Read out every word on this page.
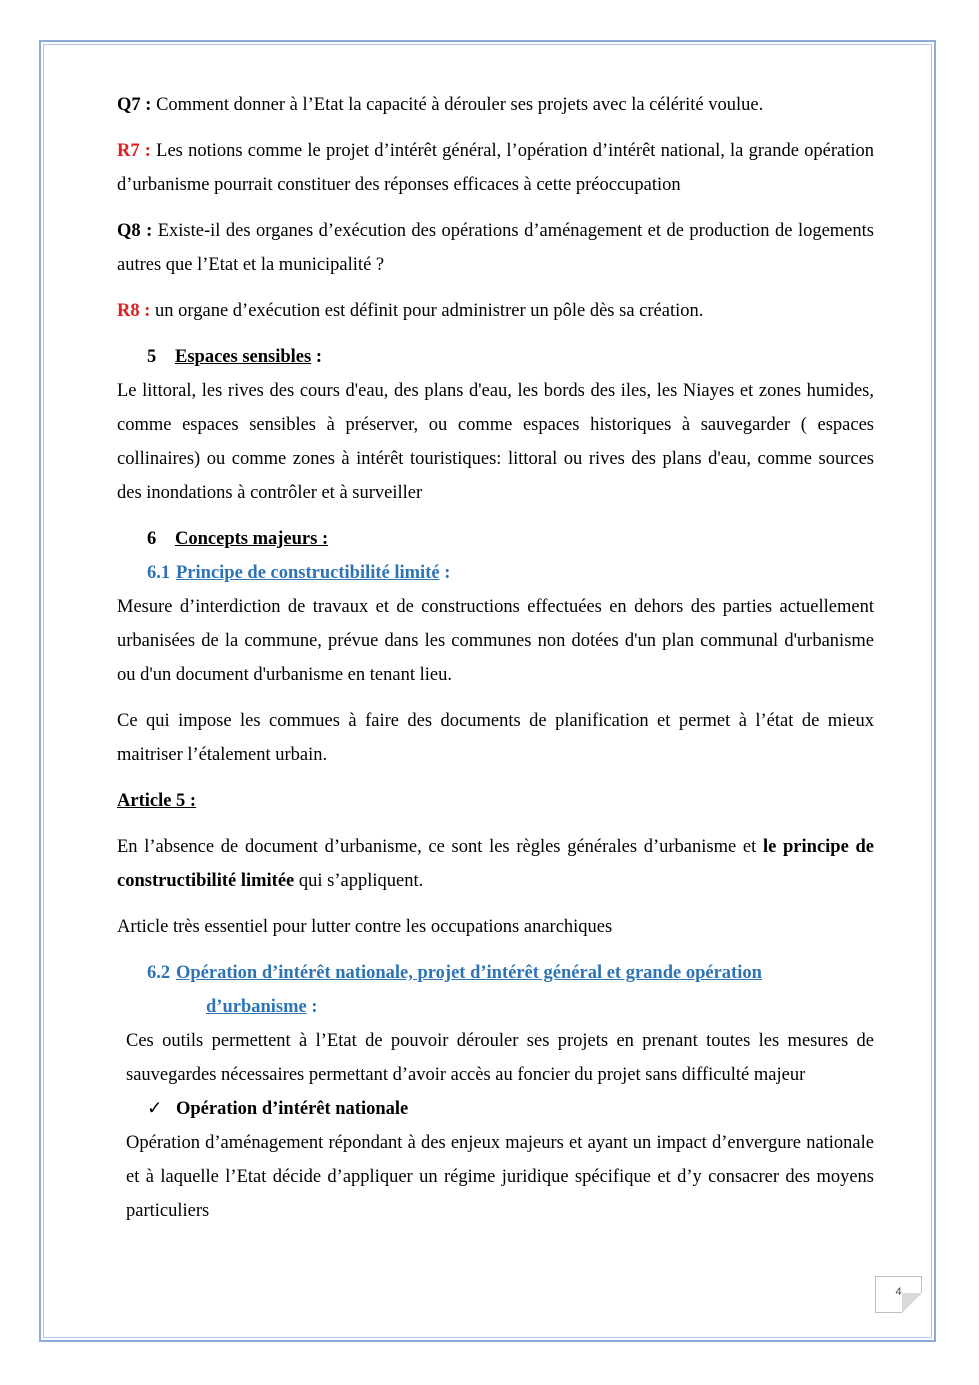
Q7 : Comment donner à l’Etat la capacité à dérouler ses projets avec la célérité voulue.

R7 : Les notions comme le projet d’intérêt général, l’opération d’intérêt national, la grande opération d’urbanisme pourrait constituer des réponses efficaces à cette préoccupation

Q8 : Existe-il des organes d’exécution des opérations d’aménagement et de production de logements autres que l’Etat et la municipalité ?

R8 : un organe d’exécution est définit pour administrer un pôle dès sa création.

5 Espaces sensibles :

Le littoral, les rives des cours d'eau, des plans d'eau, les bords des iles, les Niayes et zones humides, comme espaces sensibles à préserver, ou comme espaces historiques à sauvegarder ( espaces collinaires) ou comme zones à intérêt touristiques: littoral ou rives des plans d'eau, comme sources des inondations à contrôler et à surveiller

6 Concepts majeurs :
6.1 Principe de constructibilité limité :

Mesure d’interdiction de travaux et de constructions effectuées en dehors des parties actuellement urbanisées de la commune, prévue dans les communes non dotées d'un plan communal d'urbanisme ou d'un document d'urbanisme en tenant lieu.

Ce qui impose les commues à faire des documents de planification et permet à l’état de mieux maitriser l’étalement urbain.

Article 5 :

En l’absence de document d’urbanisme, ce sont les règles générales d’urbanisme et le principe de constructibilité limitée qui s’appliquent.

Article très essentiel pour lutter contre les occupations anarchiques

6.2 Opération d’intérêt nationale, projet d’intérêt général et grande opération
d’urbanisme :

Ces outils permettent à l’Etat de pouvoir dérouler ses projets en prenant toutes les mesures de sauvegardes nécessaires permettant d’avoir accès au foncier du projet sans difficulté majeur

✓ Opération d’intérêt nationale

Opération d’aménagement répondant à des enjeux majeurs et ayant un impact d’envergure nationale et à laquelle l’Etat décide d’appliquer un régime juridique spécifique et d’y consacrer des moyens particuliers

4
